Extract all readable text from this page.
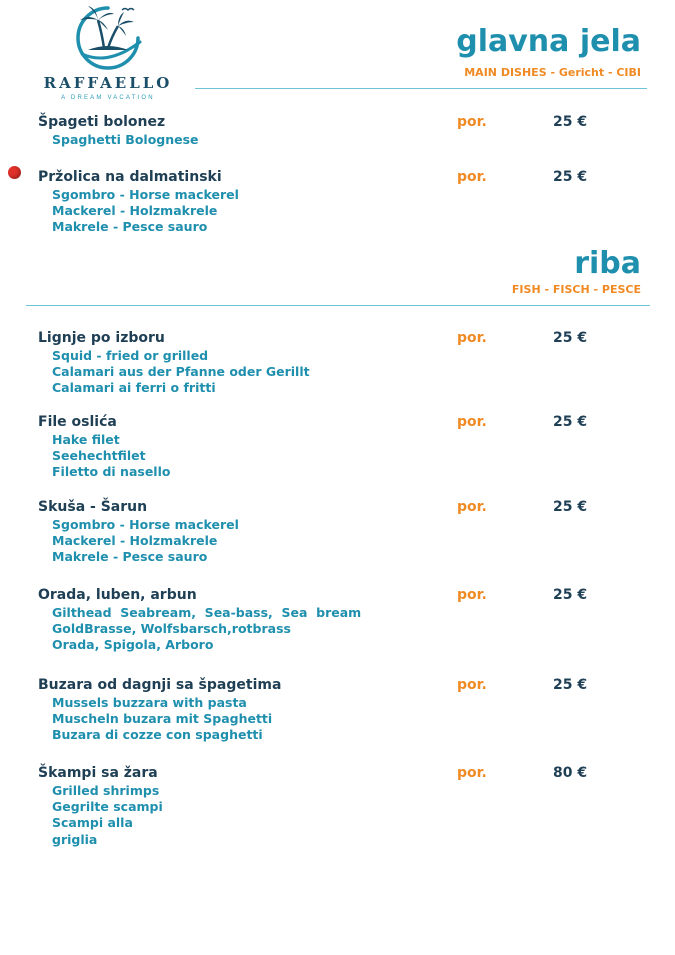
RAFFAELLO
A DREAM VACATION
glavna jela
MAIN DISHES - Gericht - CIBI
Špageti bolonez	por.	25 €
Spaghetti Bolognese
Pržolica na dalmatinski	por.	25 €
Sgombro - Horse mackerel
Mackerel - Holzmakrele
Makrele - Pesce sauro
riba
FISH - FISCH - PESCE
Lignje po izboru	por.	25 €
Squid - fried or grilled
Calamari aus der Pfanne oder Gerillt
Calamari ai ferri o fritti
File oslića	por.	25 €
Hake filet
Seehechtfilet
Filetto di nasello
Skuša - Šarun	por.	25 €
Sgombro - Horse mackerel
Mackerel - Holzmakrele
Makrele - Pesce sauro
Orada, luben, arbun	por.	25 €
Gilthead  Seabream,  Sea-bass,  Sea  bream
GoldBrasse, Wolfsbarsch,rotbrass
Orada, Spigola, Arboro
Buzara od dagnji sa špagetima	por.	25 €
Mussels buzzara with pasta
Muscheln buzara mit Spaghetti
Buzara di cozze con spaghetti
Škampi sa žara	por.	80 €
Grilled shrimps
Gegrilte scampi
Scampi alla
griglia
